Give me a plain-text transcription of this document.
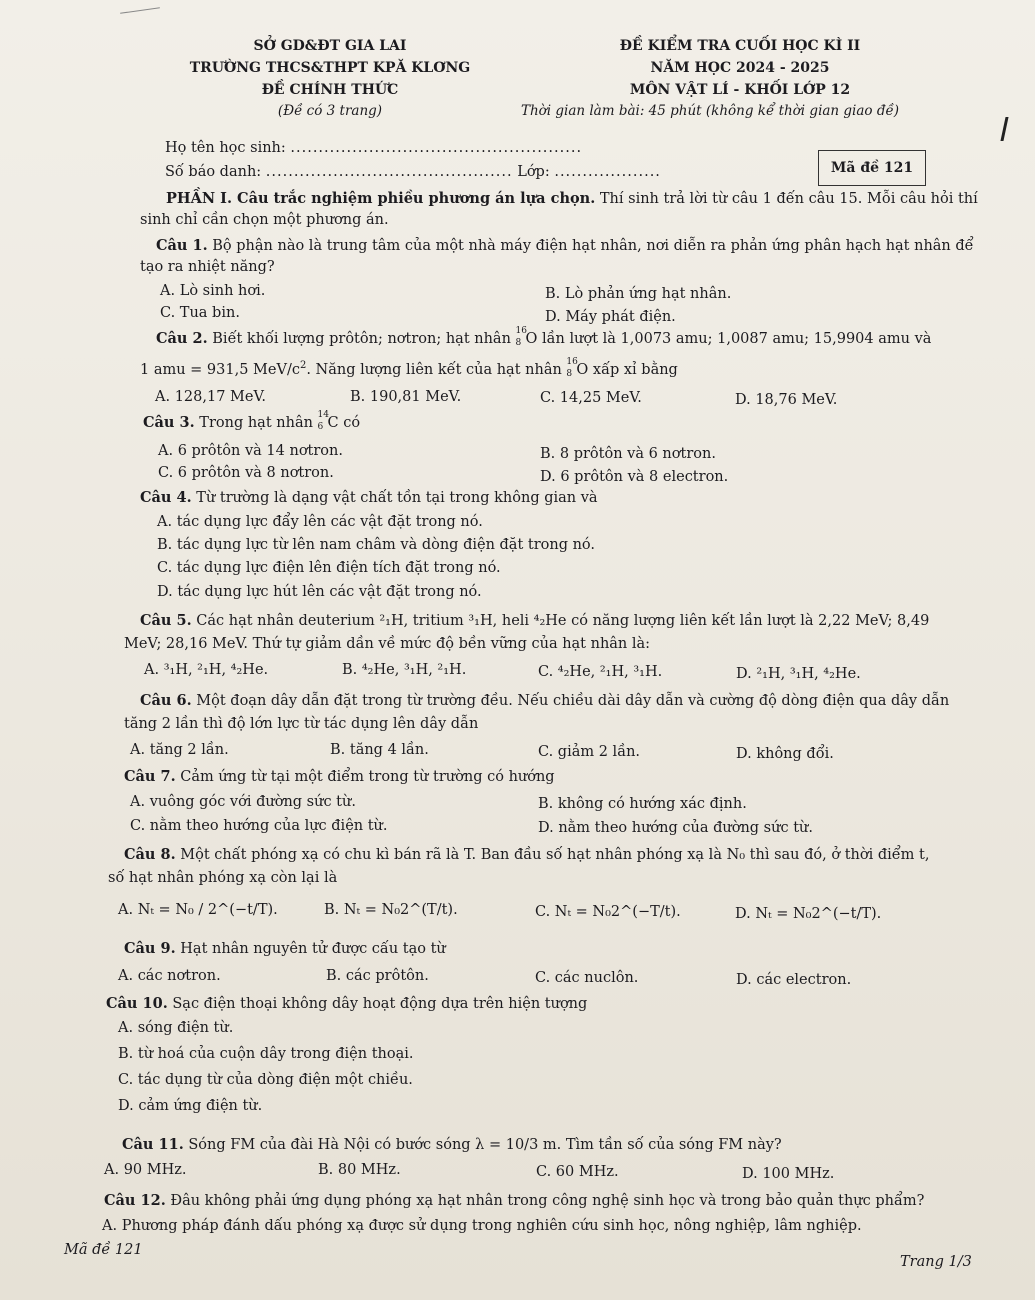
SỞ GD&ĐT GIA LAI
TRƯỜNG THCS&THPT KPĂ KLƠNG
ĐỀ CHÍNH THỨC
(Đề có 3 trang)
ĐỀ KIỂM TRA CUỐI HỌC KÌ II
NĂM HỌC 2024 - 2025
MÔN VẬT LÍ - KHỐI LỚP 12
Thời gian làm bài: 45 phút (không kể thời gian giao đề)
Họ tên học sinh: ....................................................
Số báo danh: ............................................ Lớp: ...................	Mã đề 121
PHẦN I. Câu trắc nghiệm phiều phương án lựa chọn. Thí sinh trả lời từ câu 1 đến câu 15. Mỗi câu hỏi thí
sinh chỉ cần chọn một phương án.
Câu 1. Bộ phận nào là trung tâm của một nhà máy điện hạt nhân, nơi diễn ra phản ứng phân hạch hạt nhân để
tạo ra nhiệt năng?
A. Lò sinh hơi.	B. Lò phản ứng hạt nhân.
C. Tua bin.	D. Máy phát điện.
Câu 2. Biết khối lượng prôtôn; nơtron; hạt nhân 16
8 O lần lượt là 1,0073 amu; 1,0087 amu; 15,9904 amu và
1 amu = 931,5 MeV/$c^2$. Năng lượng liên kết của hạt nhân 16
8 O xấp xỉ bằng
A. 128,17 MeV.	B. 190,81 MeV.	C. 14,25 MeV.	D. 18,76 MeV.
Câu 3. Trong hạt nhân 14
6 C có
A. 6 prôtôn và 14 nơtron.	B. 8 prôtôn và 6 nơtron.
C. 6 prôtôn và 8 nơtron.	D. 6 prôtôn và 8 electron.
Câu 4. Từ trường là dạng vật chất tồn tại trong không gian và
A. tác dụng lực đẩy lên các vật đặt trong nó.
B. tác dụng lực từ lên nam châm và dòng điện đặt trong nó.
C. tác dụng lực điện lên điện tích đặt trong nó.
D. tác dụng lực hút lên các vật đặt trong nó.
Câu 5. Các hạt nhân deuterium ²₁H, tritium ³₁H, heli ⁴₂He có năng lượng liên kết lần lượt là 2,22 MeV; 8,49
MeV; 28,16 MeV. Thứ tự giảm dần về mức độ bền vững của hạt nhân là:
A. ³₁H, ²₁H, ⁴₂He.	B. ⁴₂He, ³₁H, ²₁H.	C. ⁴₂He, ²₁H, ³₁H.	D. ²₁H, ³₁H, ⁴₂He.
Câu 6. Một đoạn dây dẫn đặt trong từ trường đều. Nếu chiều dài dây dẫn và cường độ dòng điện qua dây dẫn
tăng 2 lần thì độ lớn lực từ tác dụng lên dây dẫn
A. tăng 2 lần.	B. tăng 4 lần.	C. giảm 2 lần.	D. không đổi.
Câu 7. Cảm ứng từ tại một điểm trong từ trường có hướng
A. vuông góc với đường sức từ.	B. không có hướng xác định.
C. nằm theo hướng của lực điện từ.	D. nằm theo hướng của đường sức từ.
Câu 8. Một chất phóng xạ có chu kì bán rã là T. Ban đầu số hạt nhân phóng xạ là N₀ thì sau đó, ở thời điểm t,
số hạt nhân phóng xạ còn lại là
A. Nₜ = N₀ / 2^(−t/T).	B. Nₜ = N₀2^(T/t).	C. Nₜ = N₀2^(−T/t).	D. Nₜ = N₀2^(−t/T).
Câu 9. Hạt nhân nguyên tử được cấu tạo từ
A. các nơtron.	B. các prôtôn.	C. các nuclôn.	D. các electron.
Câu 10. Sạc điện thoại không dây hoạt động dựa trên hiện tượng
A. sóng điện từ.
B. từ hoá của cuộn dây trong điện thoại.
C. tác dụng từ của dòng điện một chiều.
D. cảm ứng điện từ.
Câu 11. Sóng FM của đài Hà Nội có bước sóng λ = 10/3 m. Tìm tần số của sóng FM này?
A. 90 MHz.	B. 80 MHz.	C. 60 MHz.	D. 100 MHz.
Câu 12. Đâu không phải ứng dụng phóng xạ hạt nhân trong công nghệ sinh học và trong bảo quản thực phẩm?
A. Phương pháp đánh dấu phóng xạ được sử dụng trong nghiên cứu sinh học, nông nghiệp, lâm nghiệp.
Mã đề 121
Trang 1/3
